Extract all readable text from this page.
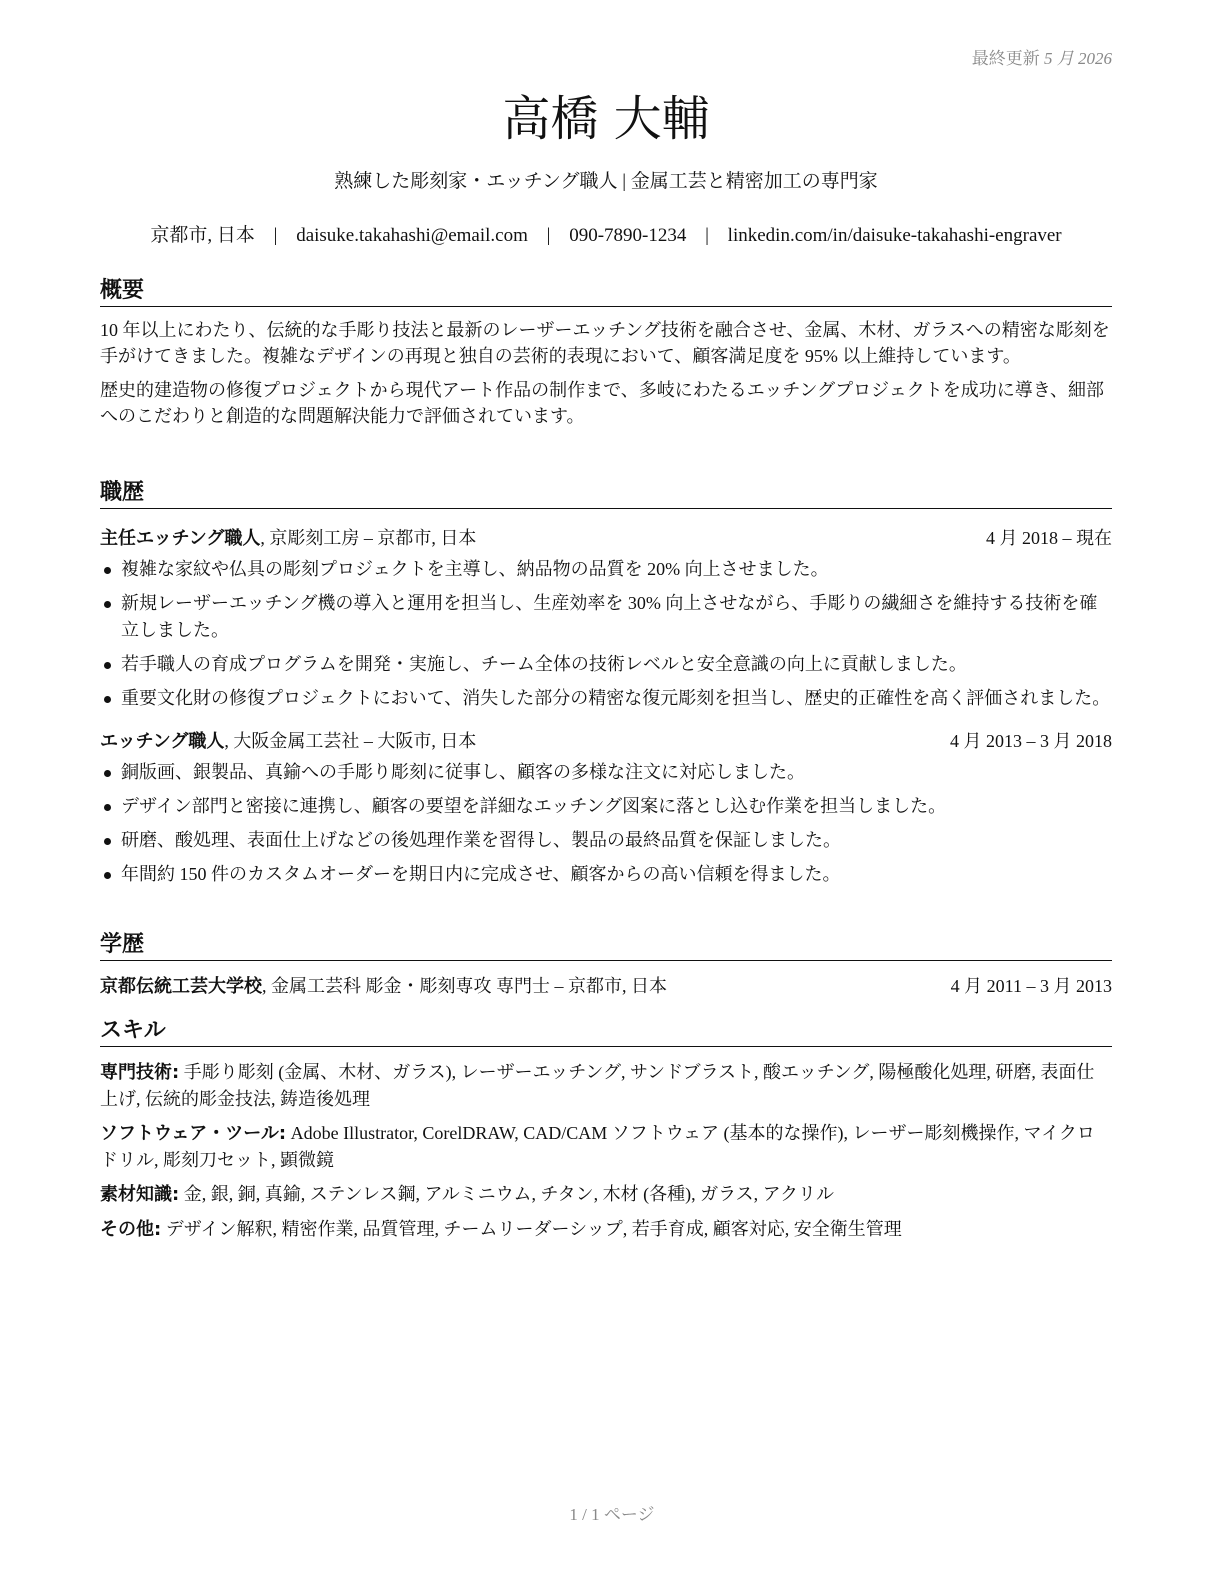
最終更新 5 月 2026
高橋 大輔
熟練した彫刻家・エッチング職人 | 金属工芸と精密加工の専門家
京都市, 日本 | daisuke.takahashi@email.com | 090-7890-1234 | linkedin.com/in/daisuke-takahashi-engraver
概要

10 年以上にわたり、伝統的な手彫り技法と最新のレーザーエッチング技術を融合させ、金属、木材、ガラスへの精密な彫刻を手がけてきました。複雑なデザインの再現と独自の芸術的表現において、顧客満足度を 95% 以上維持しています。

歴史的建造物の修復プロジェクトから現代アート作品の制作まで、多岐にわたるエッチングプロジェクトを成功に導き、細部へのこだわりと創造的な問題解決能力で評価されています。

職歴
主任エッチング職人, 京彫刻工房 – 京都市, 日本	4 月 2018 – 現在
複雑な家紋や仏具の彫刻プロジェクトを主導し、納品物の品質を 20% 向上させました。
新規レーザーエッチング機の導入と運用を担当し、生産効率を 30% 向上させながら、手彫りの繊細さを維持する技術を確立しました。
若手職人の育成プログラムを開発・実施し、チーム全体の技術レベルと安全意識の向上に貢献しました。
重要文化財の修復プロジェクトにおいて、消失した部分の精密な復元彫刻を担当し、歴史的正確性を高く評価されました。
エッチング職人, 大阪金属工芸社 – 大阪市, 日本	4 月 2013 – 3 月 2018
銅版画、銀製品、真鍮への手彫り彫刻に従事し、顧客の多様な注文に対応しました。
デザイン部門と密接に連携し、顧客の要望を詳細なエッチング図案に落とし込む作業を担当しました。
研磨、酸処理、表面仕上げなどの後処理作業を習得し、製品の最終品質を保証しました。
年間約 150 件のカスタムオーダーを期日内に完成させ、顧客からの高い信頼を得ました。
学歴
京都伝統工芸大学校, 金属工芸科 彫金・彫刻専攻 専門士 – 京都市, 日本	4 月 2011 – 3 月 2013
スキル
専門技術: 手彫り彫刻 (金属、木材、ガラス), レーザーエッチング, サンドブラスト, 酸エッチング, 陽極酸化処理, 研磨, 表面仕上げ, 伝統的彫金技法, 鋳造後処理
ソフトウェア・ツール: Adobe Illustrator, CorelDRAW, CAD/CAM ソフトウェア (基本的な操作), レーザー彫刻機操作, マイクロドリル, 彫刻刀セット, 顕微鏡
素材知識: 金, 銀, 銅, 真鍮, ステンレス鋼, アルミニウム, チタン, 木材 (各種), ガラス, アクリル
その他: デザイン解釈, 精密作業, 品質管理, チームリーダーシップ, 若手育成, 顧客対応, 安全衛生管理
1 / 1 ページ
